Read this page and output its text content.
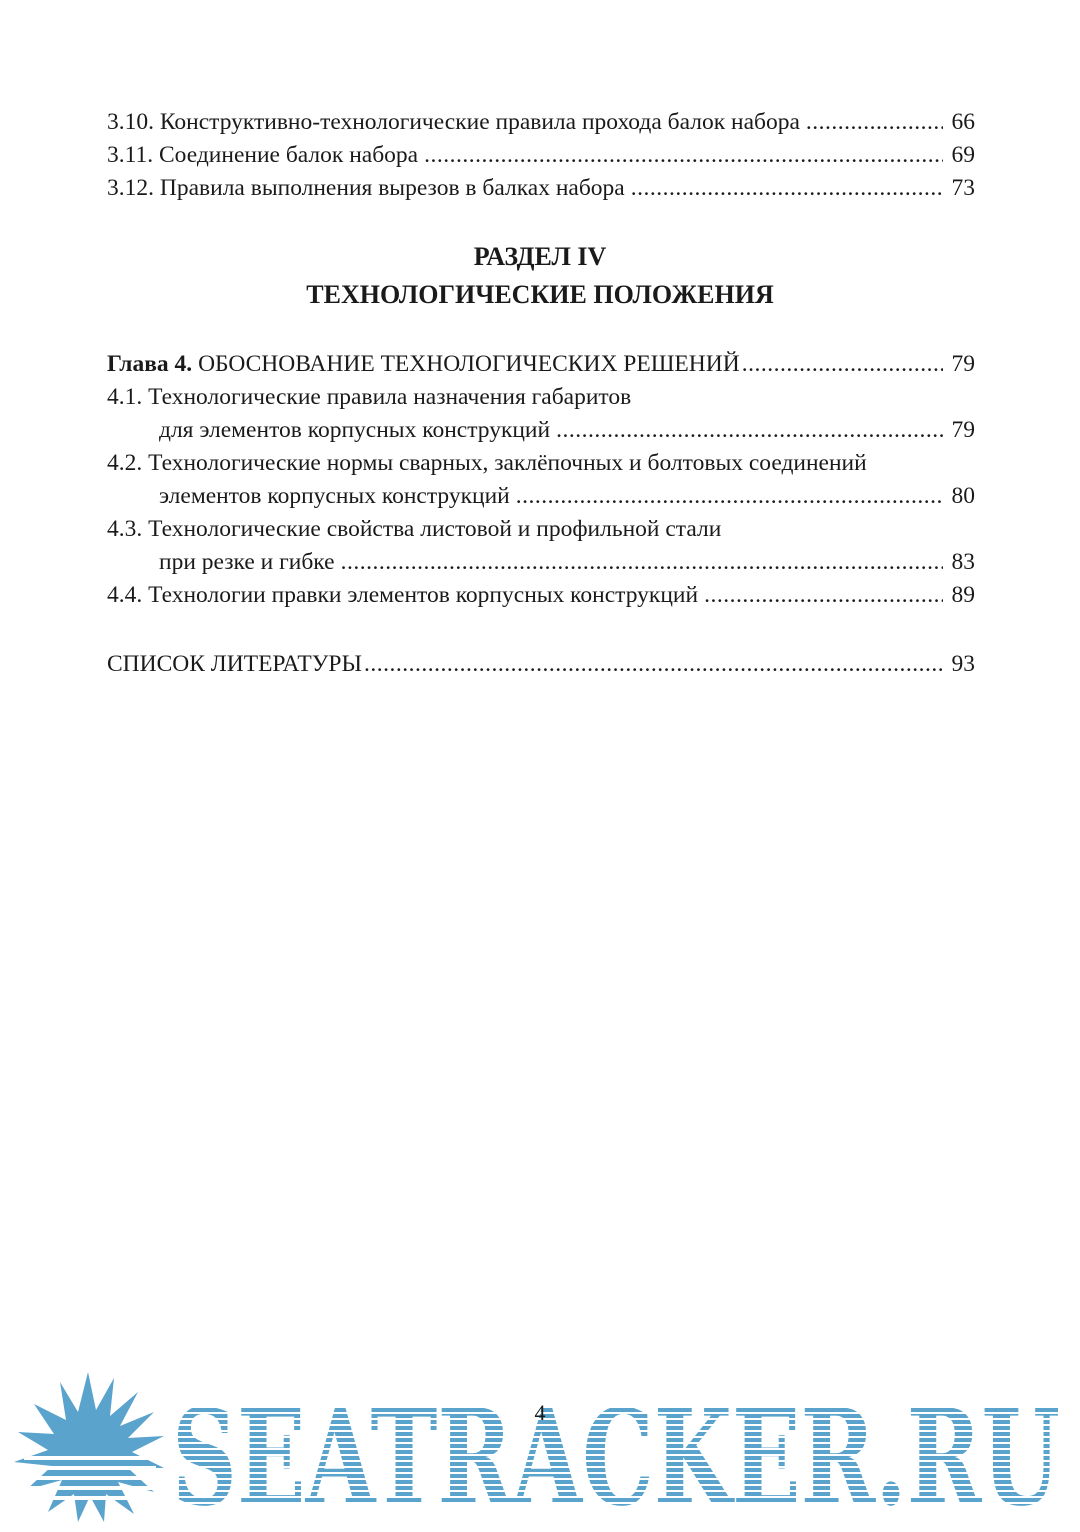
3.10. Конструктивно-технологические правила прохода балок набора .....	66
3.11. Соединение балок набора .....	69
3.12. Правила выполнения вырезов в балках набора .....	73
РАЗДЕЛ IV
ТЕХНОЛОГИЧЕСКИЕ ПОЛОЖЕНИЯ
Глава 4. ОБОСНОВАНИЕ ТЕХНОЛОГИЧЕСКИХ РЕШЕНИЙ .....	79
4.1. Технологические правила назначения габаритов
для элементов корпусных конструкций .....	79
4.2. Технологические нормы сварных, заклёпочных и болтовых соединений
элементов корпусных конструкций .....	80
4.3. Технологические свойства листовой и профильной стали
при резке и гибке .....	83
4.4. Технологии правки элементов корпусных конструкций .....	89
СПИСОК ЛИТЕРАТУРЫ .....	93
SEATRACKER.RU
4
